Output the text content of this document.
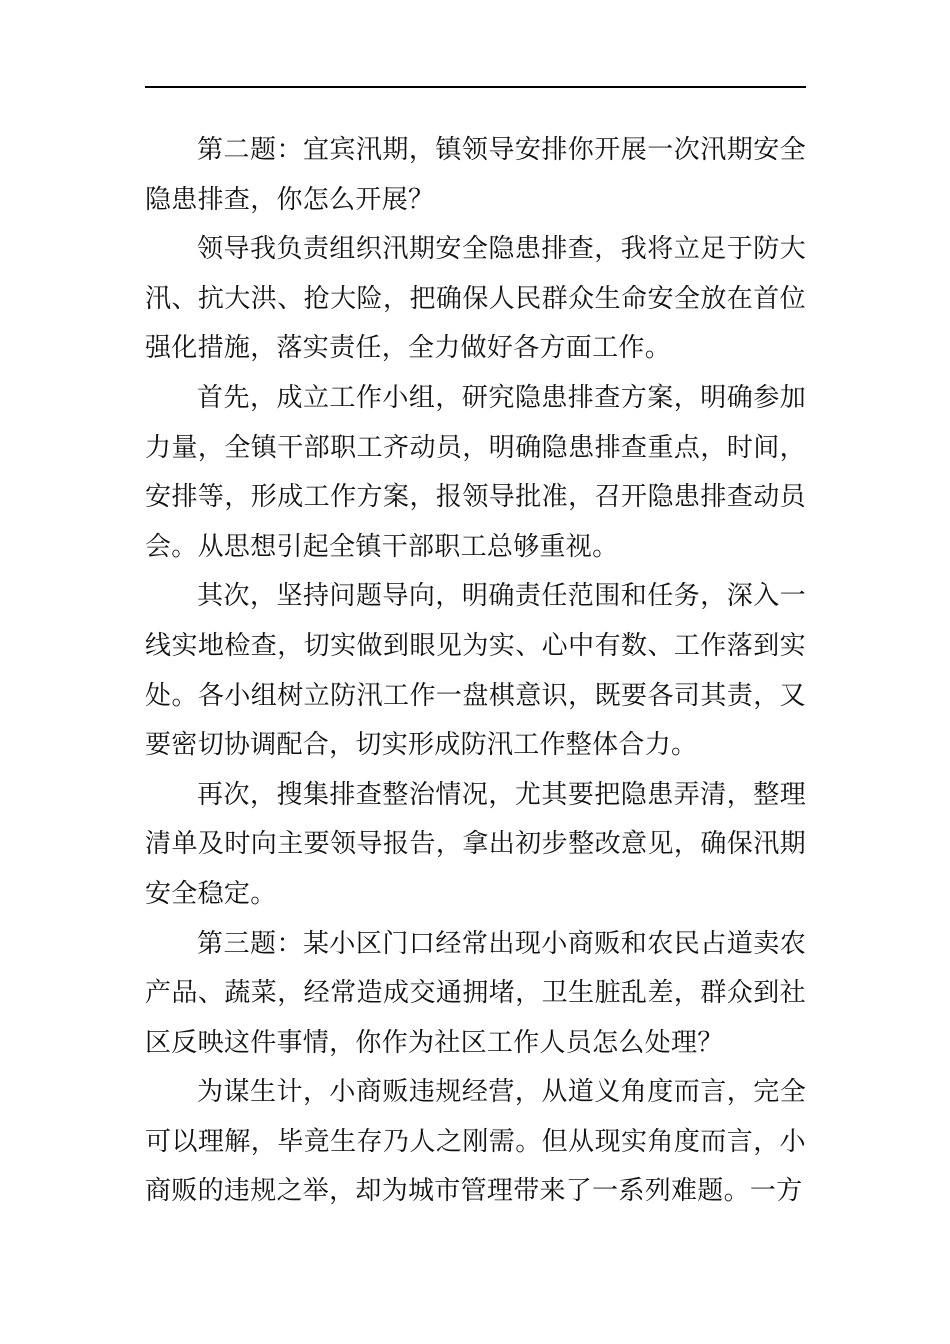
第二题：宜宾汛期，镇领导安排你开展一次汛期安全隐患排查，你怎么开展？

领导我负责组织汛期安全隐患排查，我将立足于防大汛、抗大洪、抢大险，把确保人民群众生命安全放在首位强化措施，落实责任，全力做好各方面工作。

首先，成立工作小组，研究隐患排查方案，明确参加力量，全镇干部职工齐动员，明确隐患排查重点，时间，安排等，形成工作方案，报领导批准，召开隐患排查动员会。从思想引起全镇干部职工总够重视。

其次，坚持问题导向，明确责任范围和任务，深入一线实地检查，切实做到眼见为实、心中有数、工作落到实处。各小组树立防汛工作一盘棋意识，既要各司其责，又要密切协调配合，切实形成防汛工作整体合力。

再次，搜集排查整治情况，尤其要把隐患弄清，整理清单及时向主要领导报告，拿出初步整改意见，确保汛期安全稳定。

第三题：某小区门口经常出现小商贩和农民占道卖农产品、蔬菜，经常造成交通拥堵，卫生脏乱差，群众到社区反映这件事情，你作为社区工作人员怎么处理？

为谋生计，小商贩违规经营，从道义角度而言，完全可以理解，毕竟生存乃人之刚需。但从现实角度而言，小商贩的违规之举，却为城市管理带来了一系列难题。一方
